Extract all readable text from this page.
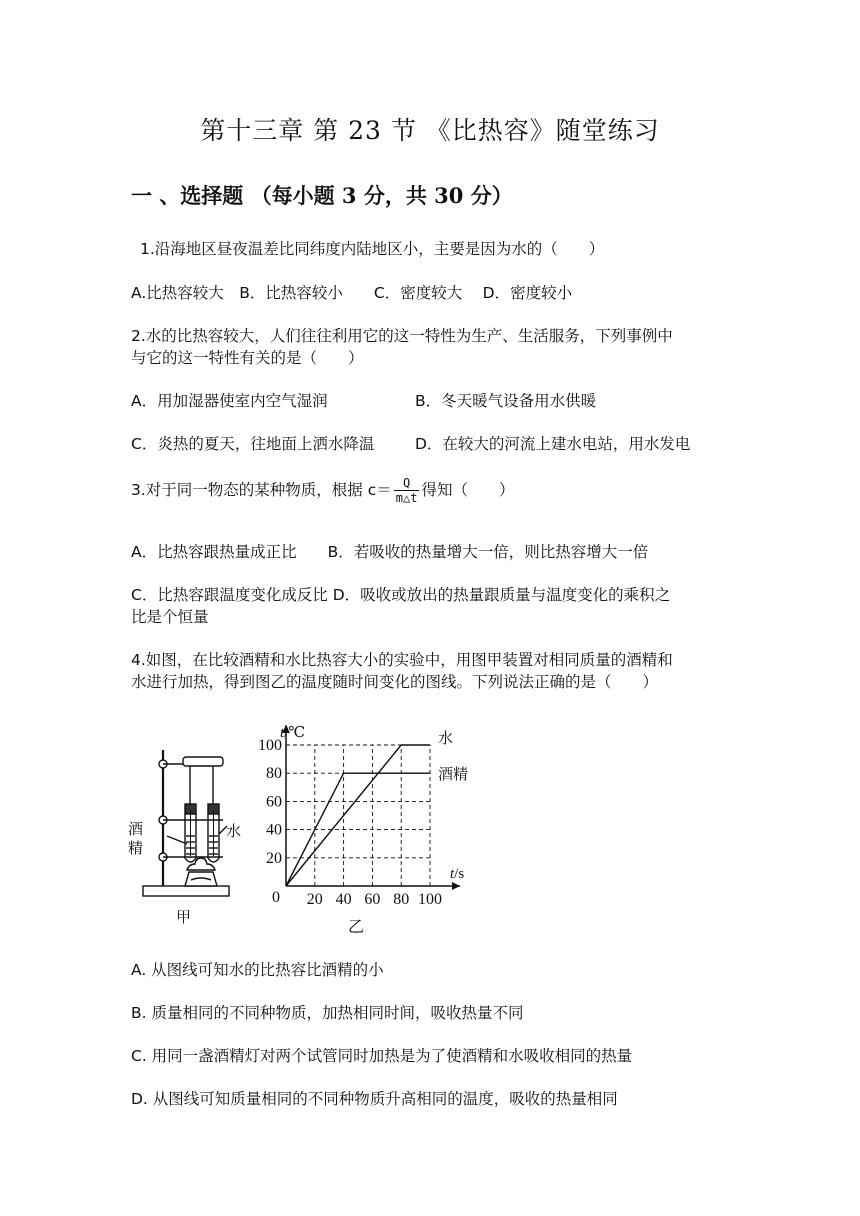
第十三章 第 23 节 《比热容》随堂练习
一 、选择题 （每小题 3 分，共 30 分）
1.沿海地区昼夜温差比同纬度内陆地区小，主要是因为水的（　　）
A.比热容较大　B．比热容较小　　C．密度较大　 D．密度较小
2.水的比热容较大，人们往往利用它的这一特性为生产、生活服务，下列事例中
与它的这一特性有关的是（　　）
A．用加湿器使室内空气湿润	B．冬天暖气设备用水供暖
C．炎热的夏天，往地面上洒水降温	D．在较大的河流上建水电站，用水发电
3.对于同一物态的某种物质，根据 $c= \frac{Q}{m\triangle t}$ 得知（　　）
A．比热容跟热量成正比　　B．若吸收的热量增大一倍，则比热容增大一倍
C．比热容跟温度变化成反比 D．吸收或放出的热量跟质量与温度变化的乘积之
比是个恒量
4.如图，在比较酒精和水比热容大小的实验中，用图甲装置对相同质量的酒精和
水进行加热，得到图乙的温度随时间变化的图线。下列说法正确的是（　　）
酒
精
水
甲
20 40 60 80 100
20
40
60
80
100
0
t/℃
t/s
水
酒精
乙
A. 从图线可知水的比热容比酒精的小
B. 质量相同的不同种物质，加热相同时间，吸收热量不同
C. 用同一盏酒精灯对两个试管同时加热是为了使酒精和水吸收相同的热量
D. 从图线可知质量相同的不同种物质升高相同的温度，吸收的热量相同
